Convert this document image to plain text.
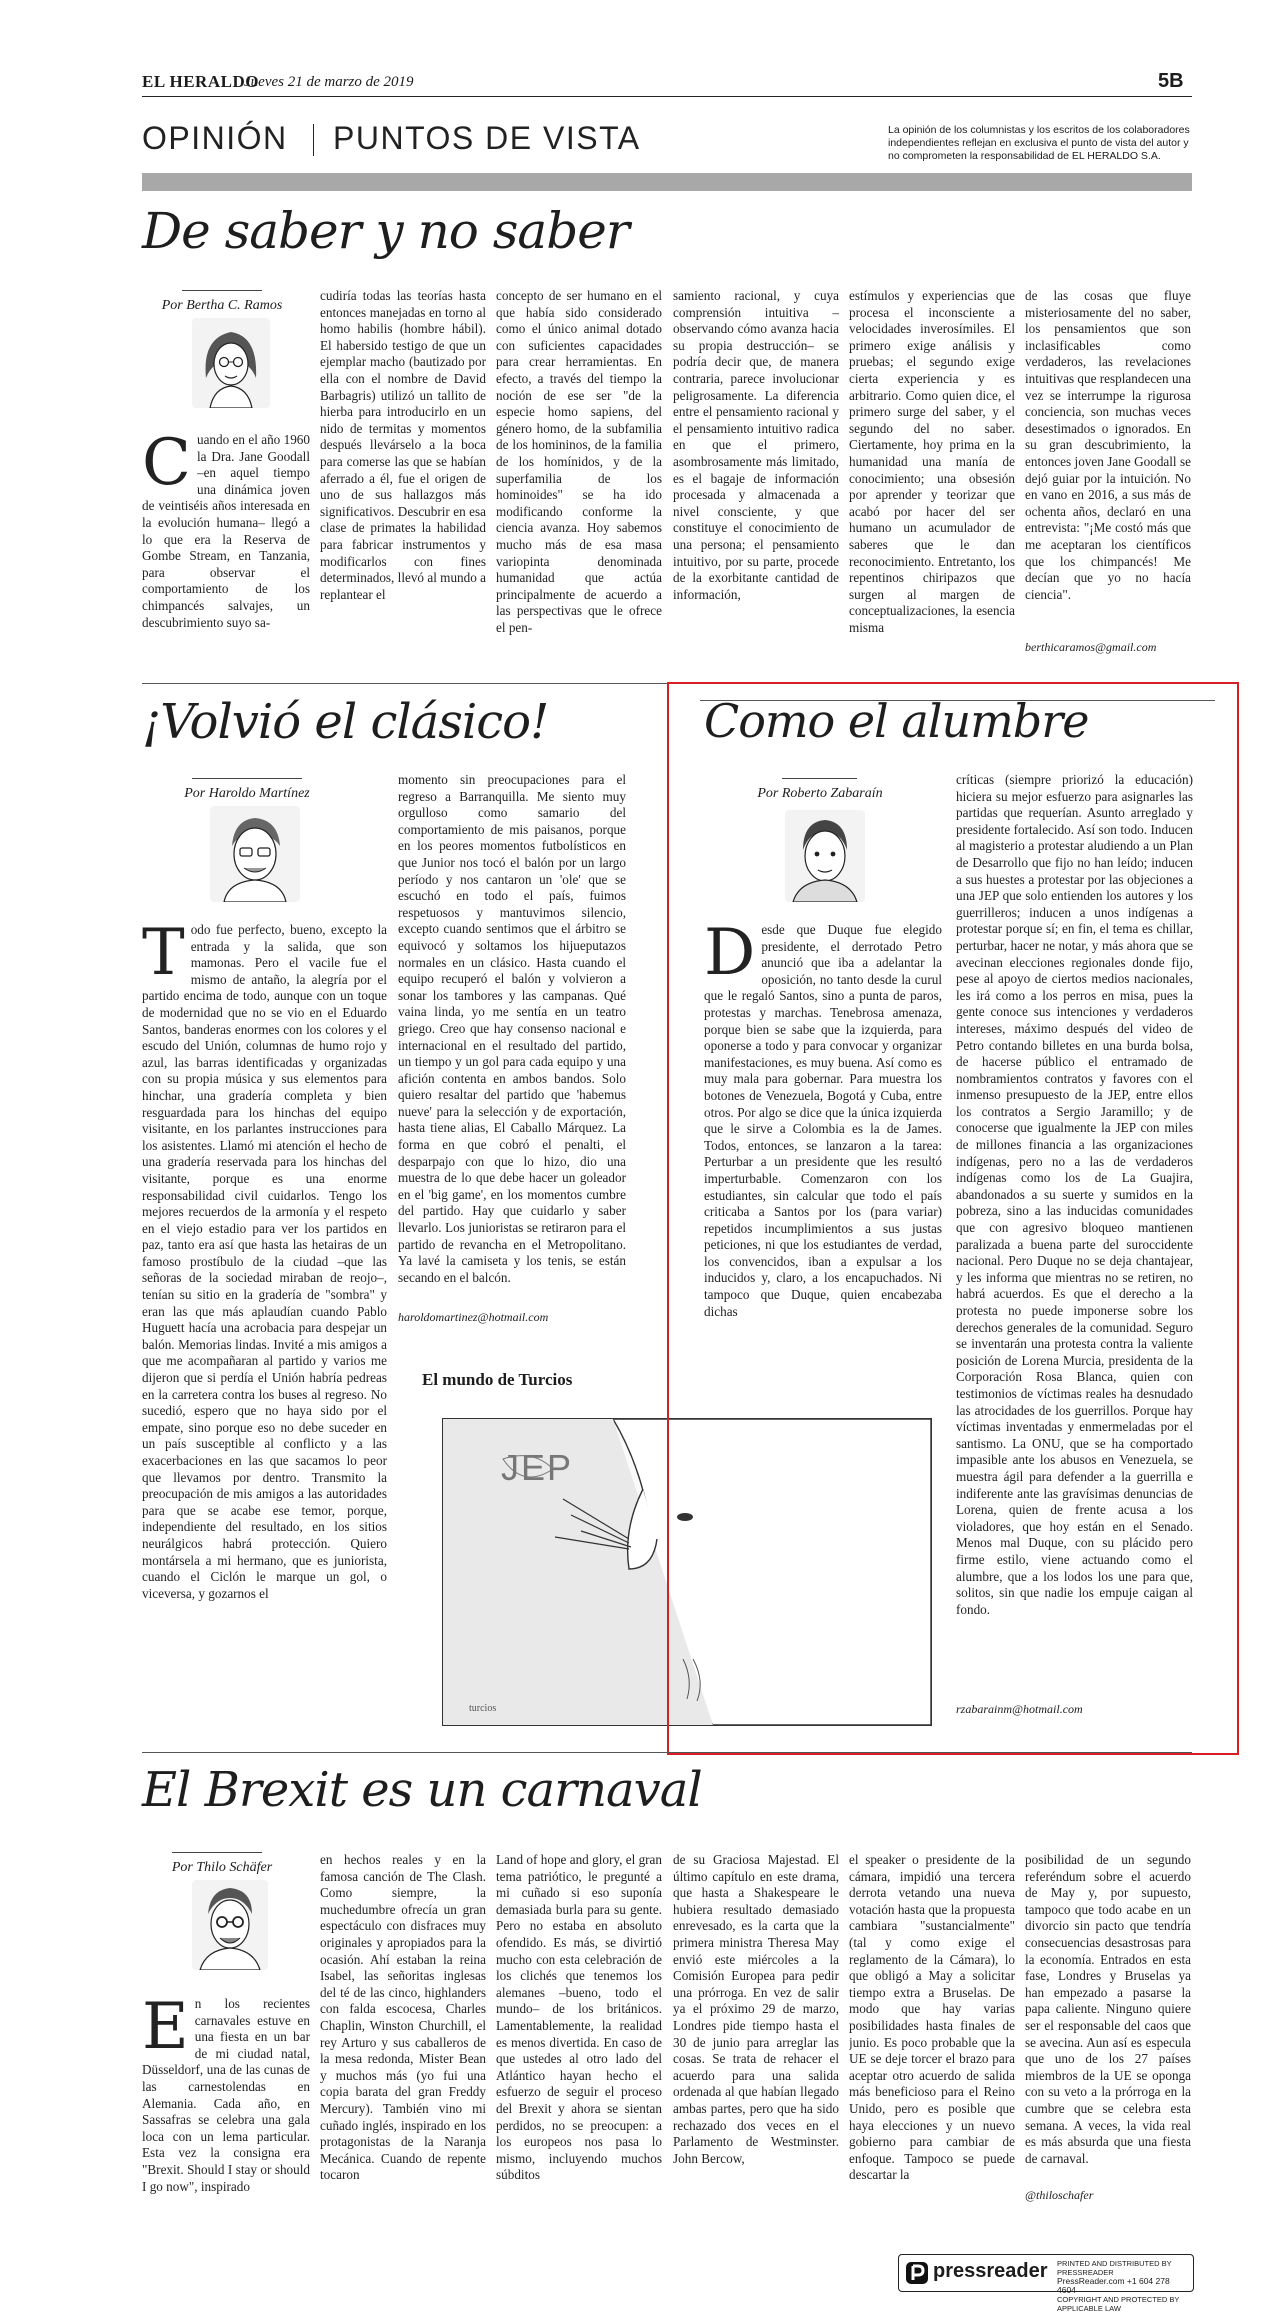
EL HERALDO
Jueves 21 de marzo de 2019	5B
OPINIÓN PUNTOS DE VISTA	La opinión de los columnistas y los escritos de los colaboradores independientes reflejan en exclusiva el punto de vista del autor y no comprometen la responsabilidad de EL HERALDO S.A.
De saber y no saber
Por Bertha C. Ramos
Cuando en el año 1960 la Dra. Jane Goodall –en aquel tiempo una dinámica joven de veintiséis años interesada en la evolución humana– llegó a lo que era la Reserva de Gombe Stream, en Tanzania, para observar el comportamiento de los chimpancés salvajes, un descubrimiento suyo sa-
cudiría todas las teorías hasta entonces manejadas en torno al homo habilis (hombre hábil). El habersido testigo de que un ejemplar macho (bautizado por ella con el nombre de David Barbagris) utilizó un tallito de hierba para introducirlo en un nido de termitas y momentos después llevárselo a la boca para comerse las que se habían aferrado a él, fue el origen de uno de sus hallazgos más significativos. Descubrir en esa clase de primates la habilidad para fabricar instrumentos y modificarlos con fines determinados, llevó al mundo a replantear el
concepto de ser humano en el que había sido considerado como el único animal dotado con suficientes capacidades para crear herramientas. En efecto, a través del tiempo la noción de ese ser "de la especie homo sapiens, del género homo, de la subfamilia de los homininos, de la familia de los homínidos, y de la superfamilia de los hominoides" se ha ido modificando conforme la ciencia avanza. Hoy sabemos mucho más de esa masa variopinta denominada humanidad que actúa principalmente de acuerdo a las perspectivas que le ofrece el pen-
samiento racional, y cuya comprensión intuitiva –observando cómo avanza hacia su propia destrucción– se podría decir que, de manera contraria, parece involucionar peligrosamente. La diferencia entre el pensamiento racional y el pensamiento intuitivo radica en que el primero, asombrosamente más limitado, es el bagaje de información procesada y almacenada a nivel consciente, y que constituye el conocimiento de una persona; el pensamiento intuitivo, por su parte, procede de la exorbitante cantidad de información,
estímulos y experiencias que procesa el inconsciente a velocidades inverosímiles. El primero exige análisis y pruebas; el segundo exige cierta experiencia y es arbitrario. Como quien dice, el primero surge del saber, y el segundo del no saber. Ciertamente, hoy prima en la humanidad una manía de conocimiento; una obsesión por aprender y teorizar que acabó por hacer del ser humano un acumulador de saberes que le dan reconocimiento. Entretanto, los repentinos chiripazos que surgen al margen de conceptualizaciones, la esencia misma
de las cosas que fluye misteriosamente del no saber, los pensamientos que son inclasificables como verdaderos, las revelaciones intuitivas que resplandecen una vez se interrumpe la rigurosa conciencia, son muchas veces desestimados o ignorados. En su gran descubrimiento, la entonces joven Jane Goodall se dejó guiar por la intuición. No en vano en 2016, a sus más de ochenta años, declaró en una entrevista: "¡Me costó más que me aceptaran los científicos que los chimpancés! Me decían que yo no hacía ciencia".
berthicaramos@gmail.com
¡Volvió el clásico!
Por Haroldo Martínez
Todo fue perfecto, bueno, excepto la entrada y la salida, que son mamonas. Pero el vacile fue el mismo de antaño, la alegría por el partido encima de todo, aunque con un toque de modernidad que no se vio en el Eduardo Santos, banderas enormes con los colores y el escudo del Unión, columnas de humo rojo y azul, las barras identificadas y organizadas con su propia música y sus elementos para hinchar, una gradería completa y bien resguardada para los hinchas del equipo visitante, en los parlantes instrucciones para los asistentes. Llamó mi atención el hecho de una gradería reservada para los hinchas del visitante, porque es una enorme responsabilidad civil cuidarlos. Tengo los mejores recuerdos de la armonía y el respeto en el viejo estadio para ver los partidos en paz, tanto era así que hasta las hetairas de un famoso prostíbulo de la ciudad –que las señoras de la sociedad miraban de reojo–, tenían su sitio en la gradería de "sombra" y eran las que más aplaudían cuando Pablo Huguett hacía una acrobacia para despejar un balón. Memorias lindas. Invité a mis amigos a que me acompañaran al partido y varios me dijeron que si perdía el Unión habría pedreas en la carretera contra los buses al regreso. No sucedió, espero que no haya sido por el empate, sino porque eso no debe suceder en un país susceptible al conflicto y a las exacerbaciones en las que sacamos lo peor que llevamos por dentro. Transmito la preocupación de mis amigos a las autoridades para que se acabe ese temor, porque, independiente del resultado, en los sitios neurálgicos habrá protección. Quiero montársela a mi hermano, que es juniorista, cuando el Ciclón le marque un gol, o viceversa, y gozarnos el
momento sin preocupaciones para el regreso a Barranquilla. Me siento muy orgulloso como samario del comportamiento de mis paisanos, porque en los peores momentos futbolísticos en que Junior nos tocó el balón por un largo período y nos cantaron un 'ole' que se escuchó en todo el país, fuimos respetuosos y mantuvimos silencio, excepto cuando sentimos que el árbitro se equivocó y soltamos los hijueputazos normales en un clásico. Hasta cuando el equipo recuperó el balón y volvieron a sonar los tambores y las campanas. Qué vaina linda, yo me sentía en un teatro griego. Creo que hay consenso nacional e internacional en el resultado del partido, un tiempo y un gol para cada equipo y una afición contenta en ambos bandos. Solo quiero resaltar del partido que 'habemus nueve' para la selección y de exportación, hasta tiene alias, El Caballo Márquez. La forma en que cobró el penalti, el desparpajo con que lo hizo, dio una muestra de lo que debe hacer un goleador en el 'big game', en los momentos cumbre del partido. Hay que cuidarlo y saber llevarlo. Los junioristas se retiraron para el partido de revancha en el Metropolitano. Ya lavé la camiseta y los tenis, se están secando en el balcón.
haroldomartinez@hotmail.com
El mundo de Turcios
JEP
turcios
Como el alumbre
Por Roberto Zabaraín
Desde que Duque fue elegido presidente, el derrotado Petro anunció que iba a adelantar la oposición, no tanto desde la curul que le regaló Santos, sino a punta de paros, protestas y marchas. Tenebrosa amenaza, porque bien se sabe que la izquierda, para oponerse a todo y para convocar y organizar manifestaciones, es muy buena. Así como es muy mala para gobernar. Para muestra los botones de Venezuela, Bogotá y Cuba, entre otros. Por algo se dice que la única izquierda que le sirve a Colombia es la de James. Todos, entonces, se lanzaron a la tarea: Perturbar a un presidente que les resultó imperturbable. Comenzaron con los estudiantes, sin calcular que todo el país criticaba a Santos por los (para variar) repetidos incumplimientos a sus justas peticiones, ni que los estudiantes de verdad, los convencidos, iban a expulsar a los inducidos y, claro, a los encapuchados. Ni tampoco que Duque, quien encabezaba dichas
críticas (siempre priorizó la educación) hiciera su mejor esfuerzo para asignarles las partidas que requerían. Asunto arreglado y presidente fortalecido. Así son todo. Inducen al magisterio a protestar aludiendo a un Plan de Desarrollo que fijo no han leído; inducen a sus huestes a protestar por las objeciones a una JEP que solo entienden los autores y los guerrilleros; inducen a unos indígenas a protestar porque sí; en fin, el tema es chillar, perturbar, hacer ne notar, y más ahora que se avecinan elecciones regionales donde fijo, pese al apoyo de ciertos medios nacionales, les irá como a los perros en misa, pues la gente conoce sus intenciones y verdaderos intereses, máximo después del video de Petro contando billetes en una burda bolsa, de hacerse público el entramado de nombramientos contratos y favores con el inmenso presupuesto de la JEP, entre ellos los contratos a Sergio Jaramillo; y de conocerse que igualmente la JEP con miles de millones financia a las organizaciones indígenas, pero no a las de verdaderos indígenas como los de La Guajira, abandonados a su suerte y sumidos en la pobreza, sino a las inducidas comunidades que con agresivo bloqueo mantienen paralizada a buena parte del suroccidente nacional. Pero Duque no se deja chantajear, y les informa que mientras no se retiren, no habrá acuerdos. Es que el derecho a la protesta no puede imponerse sobre los derechos generales de la comunidad. Seguro se inventarán una protesta contra la valiente posición de Lorena Murcia, presidenta de la Corporación Rosa Blanca, quien con testimonios de víctimas reales ha desnudado las atrocidades de los guerrillos. Porque hay víctimas inventadas y enmermeladas por el santismo. La ONU, que se ha comportado impasible ante los abusos en Venezuela, se muestra ágil para defender a la guerrilla e indiferente ante las gravísimas denuncias de Lorena, quien de frente acusa a los violadores, que hoy están en el Senado. Menos mal Duque, con su plácido pero firme estilo, viene actuando como el alumbre, que a los lodos los une para que, solitos, sin que nadie los empuje caigan al fondo.
rzabarainm@hotmail.com
El Brexit es un carnaval
Por Thilo Schäfer
En los recientes carnavales estuve en una fiesta en un bar de mi ciudad natal, Düsseldorf, una de las cunas de las carnestolendas en Alemania. Cada año, en Sassafras se celebra una gala loca con un lema particular. Esta vez la consigna era "Brexit. Should I stay or should I go now", inspirado
en hechos reales y en la famosa canción de The Clash. Como siempre, la muchedumbre ofrecía un gran espectáculo con disfraces muy originales y apropiados para la ocasión. Ahí estaban la reina Isabel, las señoritas inglesas del té de las cinco, highlanders con falda escocesa, Charles Chaplin, Winston Churchill, el rey Arturo y sus caballeros de la mesa redonda, Mister Bean y muchos más (yo fui una copia barata del gran Freddy Mercury). También vino mi cuñado inglés, inspirado en los protagonistas de la Naranja Mecánica. Cuando de repente tocaron
Land of hope and glory, el gran tema patriótico, le pregunté a mi cuñado si eso suponía demasiada burla para su gente. Pero no estaba en absoluto ofendido. Es más, se divirtió mucho con esta celebración de los clichés que tenemos los alemanes –bueno, todo el mundo– de los británicos. Lamentablemente, la realidad es menos divertida. En caso de que ustedes al otro lado del Atlántico hayan hecho el esfuerzo de seguir el proceso del Brexit y ahora se sientan perdidos, no se preocupen: a los europeos nos pasa lo mismo, incluyendo muchos súbditos
de su Graciosa Majestad. El último capítulo en este drama, que hasta a Shakespeare le hubiera resultado demasiado enrevesado, es la carta que la primera ministra Theresa May envió este miércoles a la Comisión Europea para pedir una prórroga. En vez de salir ya el próximo 29 de marzo, Londres pide tiempo hasta el 30 de junio para arreglar las cosas. Se trata de rehacer el acuerdo para una salida ordenada al que habían llegado ambas partes, pero que ha sido rechazado dos veces en el Parlamento de Westminster. John Bercow,
el speaker o presidente de la cámara, impidió una tercera derrota vetando una nueva votación hasta que la propuesta cambiara "sustancialmente" (tal y como exige el reglamento de la Cámara), lo que obligó a May a solicitar tiempo extra a Bruselas. De modo que hay varias posibilidades hasta finales de junio. Es poco probable que la UE se deje torcer el brazo para aceptar otro acuerdo de salida más beneficioso para el Reino Unido, pero es posible que haya elecciones y un nuevo gobierno para cambiar de enfoque. Tampoco se puede descartar la
posibilidad de un segundo referéndum sobre el acuerdo de May y, por supuesto, tampoco que todo acabe en un divorcio sin pacto que tendría consecuencias desastrosas para la economía. Entrados en esta fase, Londres y Bruselas ya han empezado a pasarse la papa caliente. Ninguno quiere ser el responsable del caos que se avecina. Aun así es especula que uno de los 27 países miembros de la UE se oponga con su veto a la prórroga en la cumbre que se celebra esta semana. A veces, la vida real es más absurda que una fiesta de carnaval.
@thiloschafer
pressreader PRINTED AND DISTRIBUTED BY PRESSREADER
PressReader.com +1 604 278 4604
COPYRIGHT AND PROTECTED BY APPLICABLE LAW
